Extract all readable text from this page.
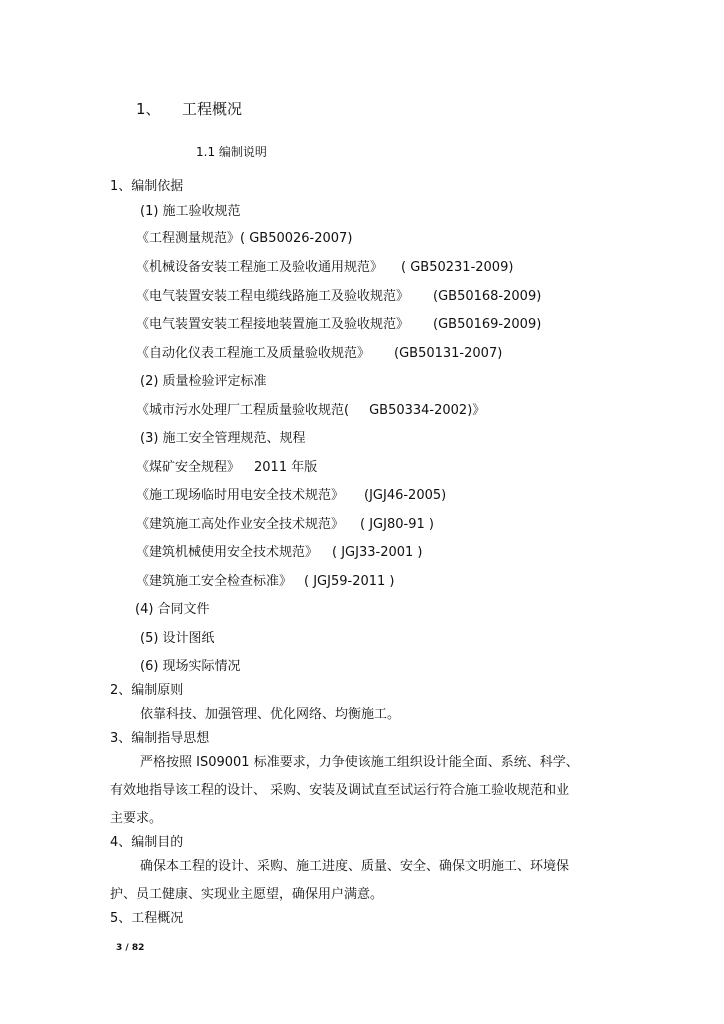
1、 工程概况
1.1 编制说明
1、编制依据
(1) 施工验收规范
《工程测量规范》( GB50026-2007)
《机械设备安装工程施工及验收通用规范》 ( GB50231-2009)
《电气装置安装工程电缆线路施工及验收规范》 (GB50168-2009)
《电气装置安装工程接地装置施工及验收规范》 (GB50169-2009)
《自动化仪表工程施工及质量验收规范》 (GB50131-2007)
(2) 质量检验评定标准
《城市污水处理厂工程质量验收规范( GB50334-2002)》
(3) 施工安全管理规范、规程
《煤矿安全规程》 2011 年版
《施工现场临时用电安全技术规范》 (JGJ46-2005)
《建筑施工高处作业安全技术规范》 ( JGJ80-91 )
《建筑机械使用安全技术规范》 ( JGJ33-2001 )
《建筑施工安全检查标准》 ( JGJ59-2011 )
(4) 合同文件
(5) 设计图纸
(6) 现场实际情况
2、编制原则
依靠科技、加强管理、优化网络、均衡施工。
3、编制指导思想
严格按照 IS09001 标准要求，力争使该施工组织设计能全面、系统、科学、
有效地指导该工程的设计、 采购、安装及调试直至试运行符合施工验收规范和业
主要求。
4、编制目的
确保本工程的设计、采购、施工进度、质量、安全、确保文明施工、环境保
护、员工健康、实现业主愿望，确保用户满意。
5、工程概况
3 / 82
